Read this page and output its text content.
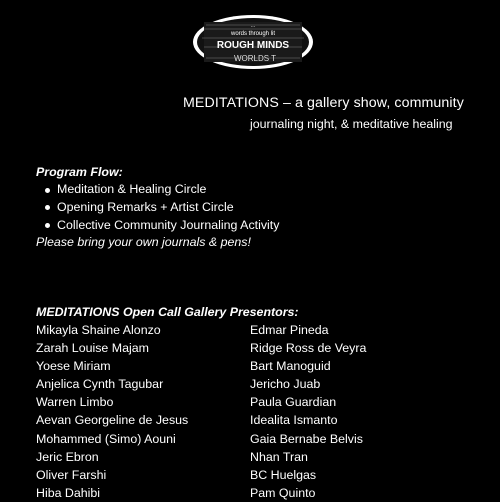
...
words through lit
ROUGH MINDS
WORLDS T
MEDITATIONS – a gallery show, community
journaling night, & meditative healing
Program Flow:
Meditation & Healing Circle
Opening Remarks + Artist Circle
Collective Community Journaling Activity
Please bring your own journals & pens!
MEDITATIONS Open Call Gallery Presentors:
Mikayla Shaine Alonzo
Zarah Louise Majam
Yoese Miriam
Anjelica Cynth Tagubar
Warren Limbo
Aevan Georgeline de Jesus
Mohammed (Simo) Aouni
Jeric Ebron
Oliver Farshi
Hiba Dahibi
Edmar Pineda
Ridge Ross de Veyra
Bart Manoguid
Jericho Juab
Paula Guardian
Idealita Ismanto
Gaia Bernabe Belvis
Nhan Tran
BC Huelgas
Pam Quinto
